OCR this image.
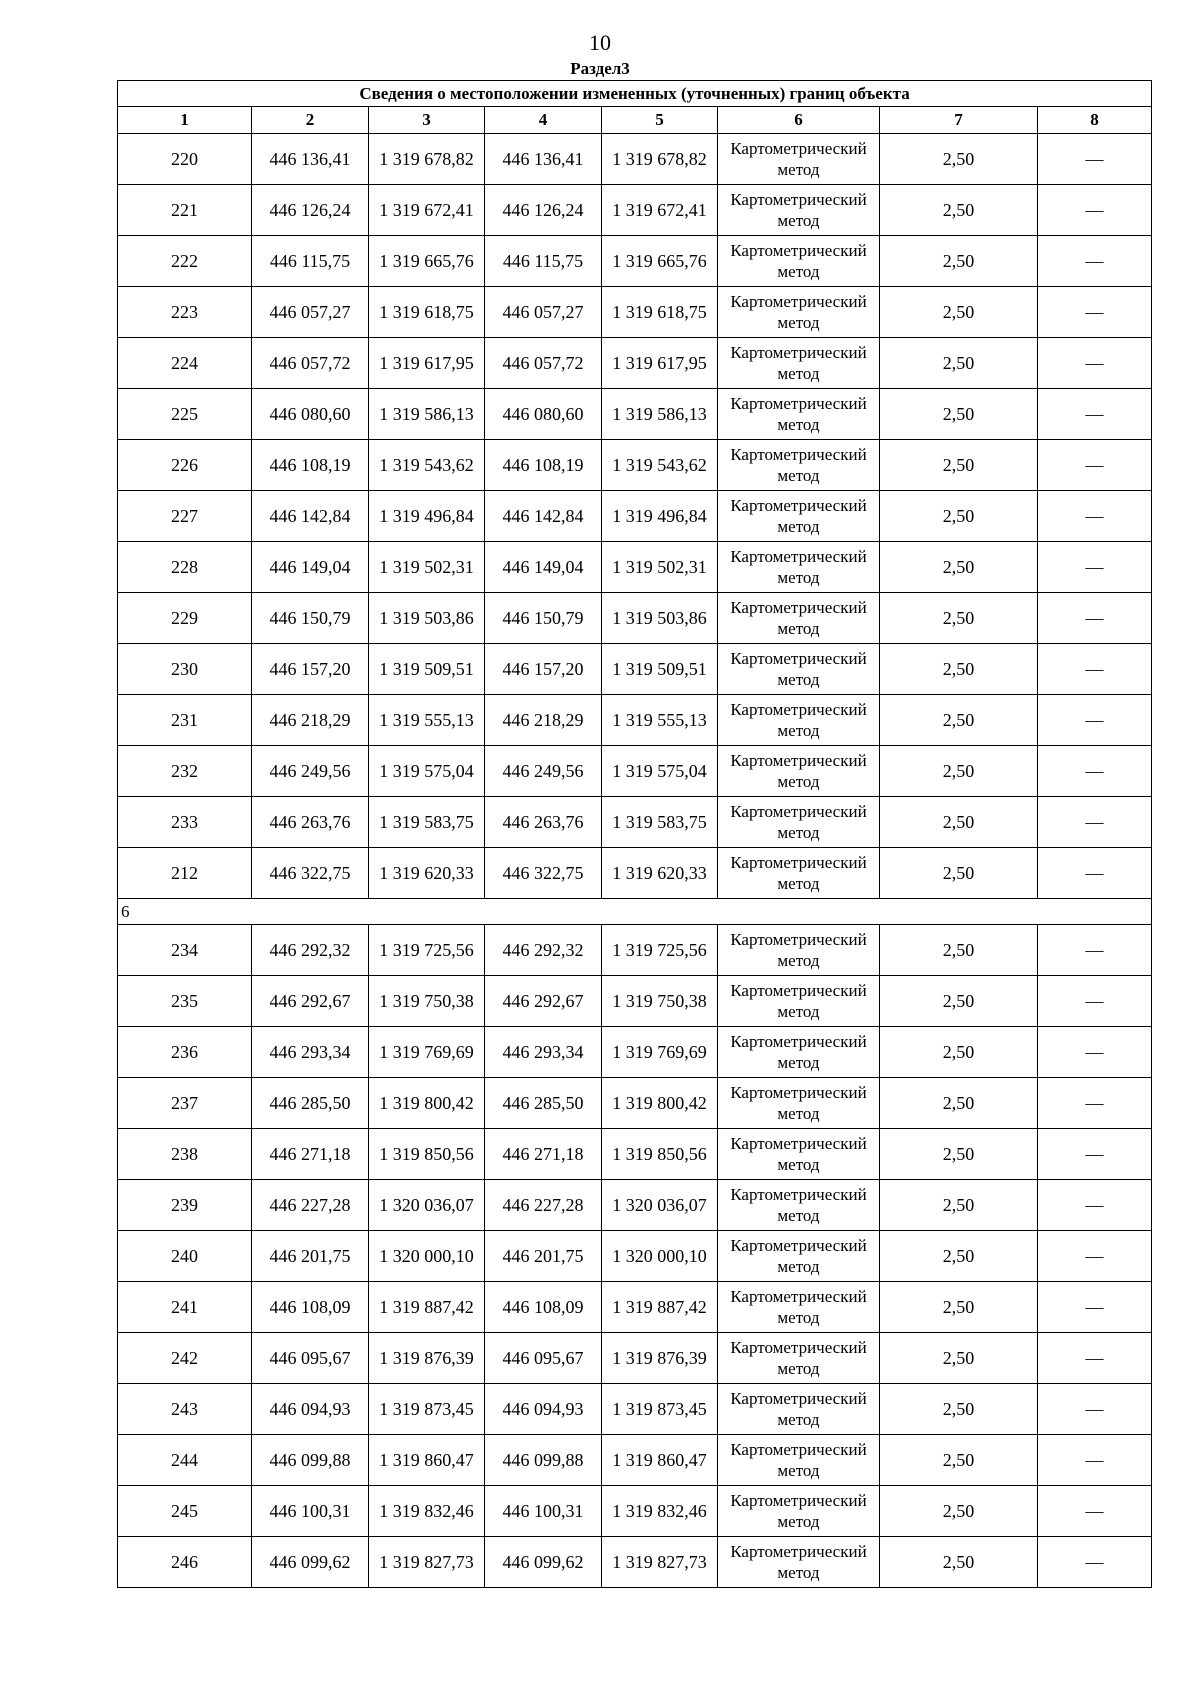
10
Раздел3
Сведения о местоположении измененных (уточненных) границ объекта							
1	2	3	4	5	6	7	8
220	446 136,41	1 319 678,82	446 136,41	1 319 678,82	Картометрический метод	2,50	—
221	446 126,24	1 319 672,41	446 126,24	1 319 672,41	Картометрический метод	2,50	—
222	446 115,75	1 319 665,76	446 115,75	1 319 665,76	Картометрический метод	2,50	—
223	446 057,27	1 319 618,75	446 057,27	1 319 618,75	Картометрический метод	2,50	—
224	446 057,72	1 319 617,95	446 057,72	1 319 617,95	Картометрический метод	2,50	—
225	446 080,60	1 319 586,13	446 080,60	1 319 586,13	Картометрический метод	2,50	—
226	446 108,19	1 319 543,62	446 108,19	1 319 543,62	Картометрический метод	2,50	—
227	446 142,84	1 319 496,84	446 142,84	1 319 496,84	Картометрический метод	2,50	—
228	446 149,04	1 319 502,31	446 149,04	1 319 502,31	Картометрический метод	2,50	—
229	446 150,79	1 319 503,86	446 150,79	1 319 503,86	Картометрический метод	2,50	—
230	446 157,20	1 319 509,51	446 157,20	1 319 509,51	Картометрический метод	2,50	—
231	446 218,29	1 319 555,13	446 218,29	1 319 555,13	Картометрический метод	2,50	—
232	446 249,56	1 319 575,04	446 249,56	1 319 575,04	Картометрический метод	2,50	—
233	446 263,76	1 319 583,75	446 263,76	1 319 583,75	Картометрический метод	2,50	—
212	446 322,75	1 319 620,33	446 322,75	1 319 620,33	Картометрический метод	2,50	—
6							
234	446 292,32	1 319 725,56	446 292,32	1 319 725,56	Картометрический метод	2,50	—
235	446 292,67	1 319 750,38	446 292,67	1 319 750,38	Картометрический метод	2,50	—
236	446 293,34	1 319 769,69	446 293,34	1 319 769,69	Картометрический метод	2,50	—
237	446 285,50	1 319 800,42	446 285,50	1 319 800,42	Картометрический метод	2,50	—
238	446 271,18	1 319 850,56	446 271,18	1 319 850,56	Картометрический метод	2,50	—
239	446 227,28	1 320 036,07	446 227,28	1 320 036,07	Картометрический метод	2,50	—
240	446 201,75	1 320 000,10	446 201,75	1 320 000,10	Картометрический метод	2,50	—
241	446 108,09	1 319 887,42	446 108,09	1 319 887,42	Картометрический метод	2,50	—
242	446 095,67	1 319 876,39	446 095,67	1 319 876,39	Картометрический метод	2,50	—
243	446 094,93	1 319 873,45	446 094,93	1 319 873,45	Картометрический метод	2,50	—
244	446 099,88	1 319 860,47	446 099,88	1 319 860,47	Картометрический метод	2,50	—
245	446 100,31	1 319 832,46	446 100,31	1 319 832,46	Картометрический метод	2,50	—
246	446 099,62	1 319 827,73	446 099,62	1 319 827,73	Картометрический метод	2,50	—
